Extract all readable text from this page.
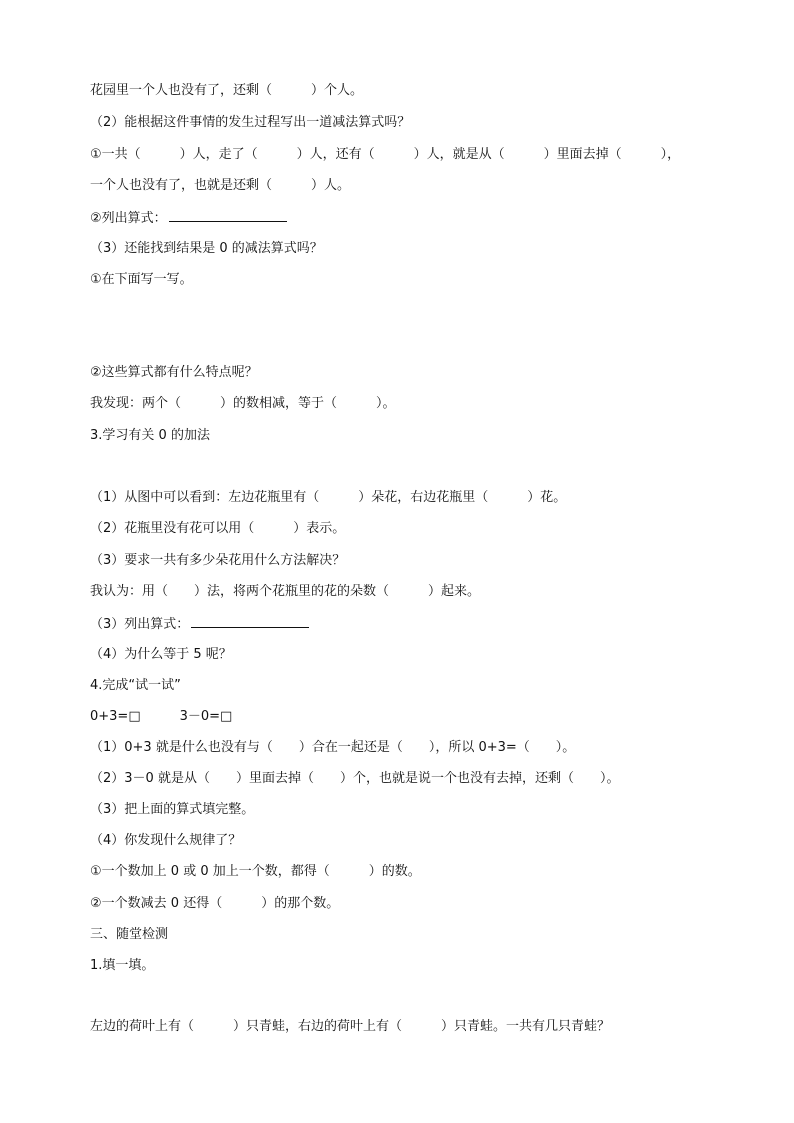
花园里一个人也没有了，还剩（　　　）个人。
（2）能根据这件事情的发生过程写出一道减法算式吗？
①一共（　　　）人，走了（　　　）人，还有（　　　）人，就是从（　　　）里面去掉（　　　），
一个人也没有了，也就是还剩（　　　）人。
②列出算式：
（3）还能找到结果是 0 的减法算式吗？
①在下面写一写。
②这些算式都有什么特点呢？
我发现：两个（　　　）的数相减，等于（　　　）。
3.学习有关 0 的加法
（1）从图中可以看到：左边花瓶里有（　　　）朵花，右边花瓶里（　　　）花。
（2）花瓶里没有花可以用（　　　）表示。
（3）要求一共有多少朵花用什么方法解决？
我认为：用（　　）法，将两个花瓶里的花的朵数（　　　）起来。
（3）列出算式：
（4）为什么等于 5 呢？
4.完成“试一试”
0+3=□　　　3－0=□
（1）0+3 就是什么也没有与（　　）合在一起还是（　　），所以 0+3=（　　）。
（2）3－0 就是从（　　）里面去掉（　　）个，也就是说一个也没有去掉，还剩（　　）。
（3）把上面的算式填完整。
（4）你发现什么规律了？
①一个数加上 0 或 0 加上一个数，都得（　　　）的数。
②一个数减去 0 还得（　　　）的那个数。
三、随堂检测
1.填一填。
左边的荷叶上有（　　　）只青蛙，右边的荷叶上有（　　　）只青蛙。一共有几只青蛙？
